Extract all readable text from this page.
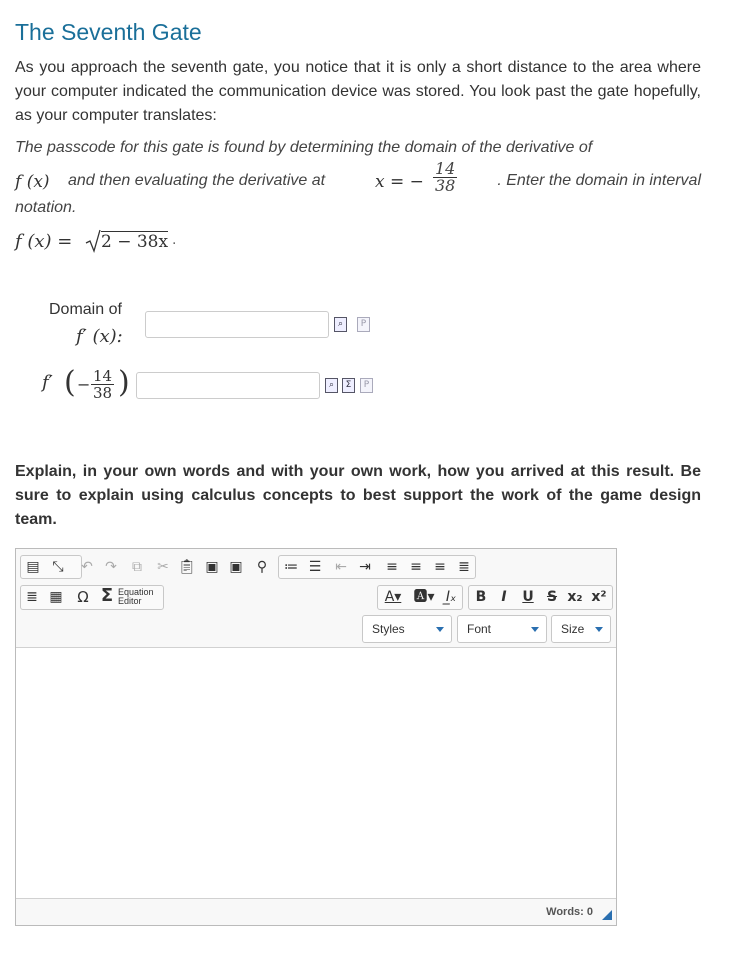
The Seventh Gate
As you approach the seventh gate, you notice that it is only a short distance to the area where your computer indicated the communication device was stored. You look past the gate hopefully, as your computer translates:
The passcode for this gate is found by determining the domain of the derivative of
f (x) and then evaluating the derivative at	x = − $\frac{14}{38}$	. Enter the domain in interval
notation.
f (x) = 2 − 38x .
Domain of
f′ (x):
⌕	P
f′ ( − $\frac{14}{38}$ )	⌕	Σ	P
Explain, in your own words and with your own work, how you arrived at this result. Be sure to explain using calculus concepts to best support the work of the game design team.
▤ ⤡ ↶ ↷ ⧉ ✂ 📋︎ ▣ ▣ ⚲ ≔ ☰ ⇤ ⇥ ≡ ≡ ≡ ≣
≣ ▦ Ω Σ Equation
Editor	A▾ 🅰︎▾ I̲ₓ B	I	U S x₂ x²
Styles	Font	Size
Words: 0
